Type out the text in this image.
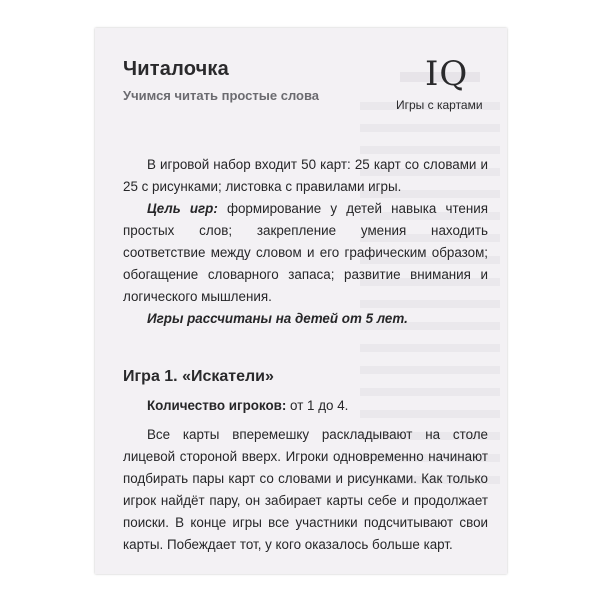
Читалочка
Учимся читать простые слова
IQ
Игры с картами

В игровой набор входит 50 карт: 25 карт со словами и 25 с рисунками; листовка с правилами игры.

Цель игр: формирование у детей навыка чтения простых слов; закрепление умения находить соответствие между словом и его графическим образом; обогащение словарного запаса; развитие внимания и логического мышления.

Игры рассчитаны на детей от 5 лет.

Игра 1. «Искатели»
Количество игроков: от 1 до 4.

Все карты вперемешку раскладывают на столе лицевой стороной вверх. Игроки одновременно начинают подбирать пары карт со словами и рисунками. Как только игрок найдёт пару, он забирает карты себе и продолжает поиски. В конце игры все участники подсчитывают свои карты. Побеждает тот, у кого оказалось больше карт.
